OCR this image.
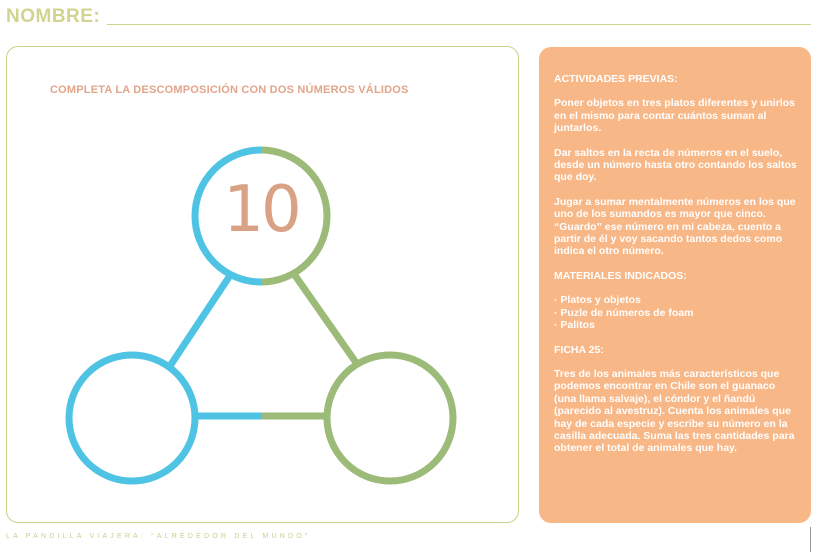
NOMBRE:
COMPLETA LA DESCOMPOSICIÓN CON DOS NÚMEROS VÁLIDOS
10
ACTIVIDADES PREVIAS:
Poner objetos en tres platos diferentes y unirlos en el mismo para contar cuántos suman al juntarlos.
Dar saltos en la recta de números en el suelo, desde un número hasta otro contando los saltos que doy.
Jugar a sumar mentalmente números en los que uno de los sumandos es mayor que cinco. “Guardo” ese número en mi cabeza, cuento a partir de él y voy sacando tantos dedos como indica el otro número.
MATERIALES INDICADOS:
· Platos y objetos
· Puzle de números de foam
· Palitos
FICHA 25:
Tres de los animales más característicos que podemos encontrar en Chile son el guanaco (una llama salvaje), el cóndor y el ñandú (parecido al avestruz). Cuenta los animales que hay de cada especie y escribe su número en la casilla adecuada. Suma las tres cantidades para obtener el total de animales que hay.
LA PANDILLA VIAJERA: “ALREDEDOR DEL MUNDO”
